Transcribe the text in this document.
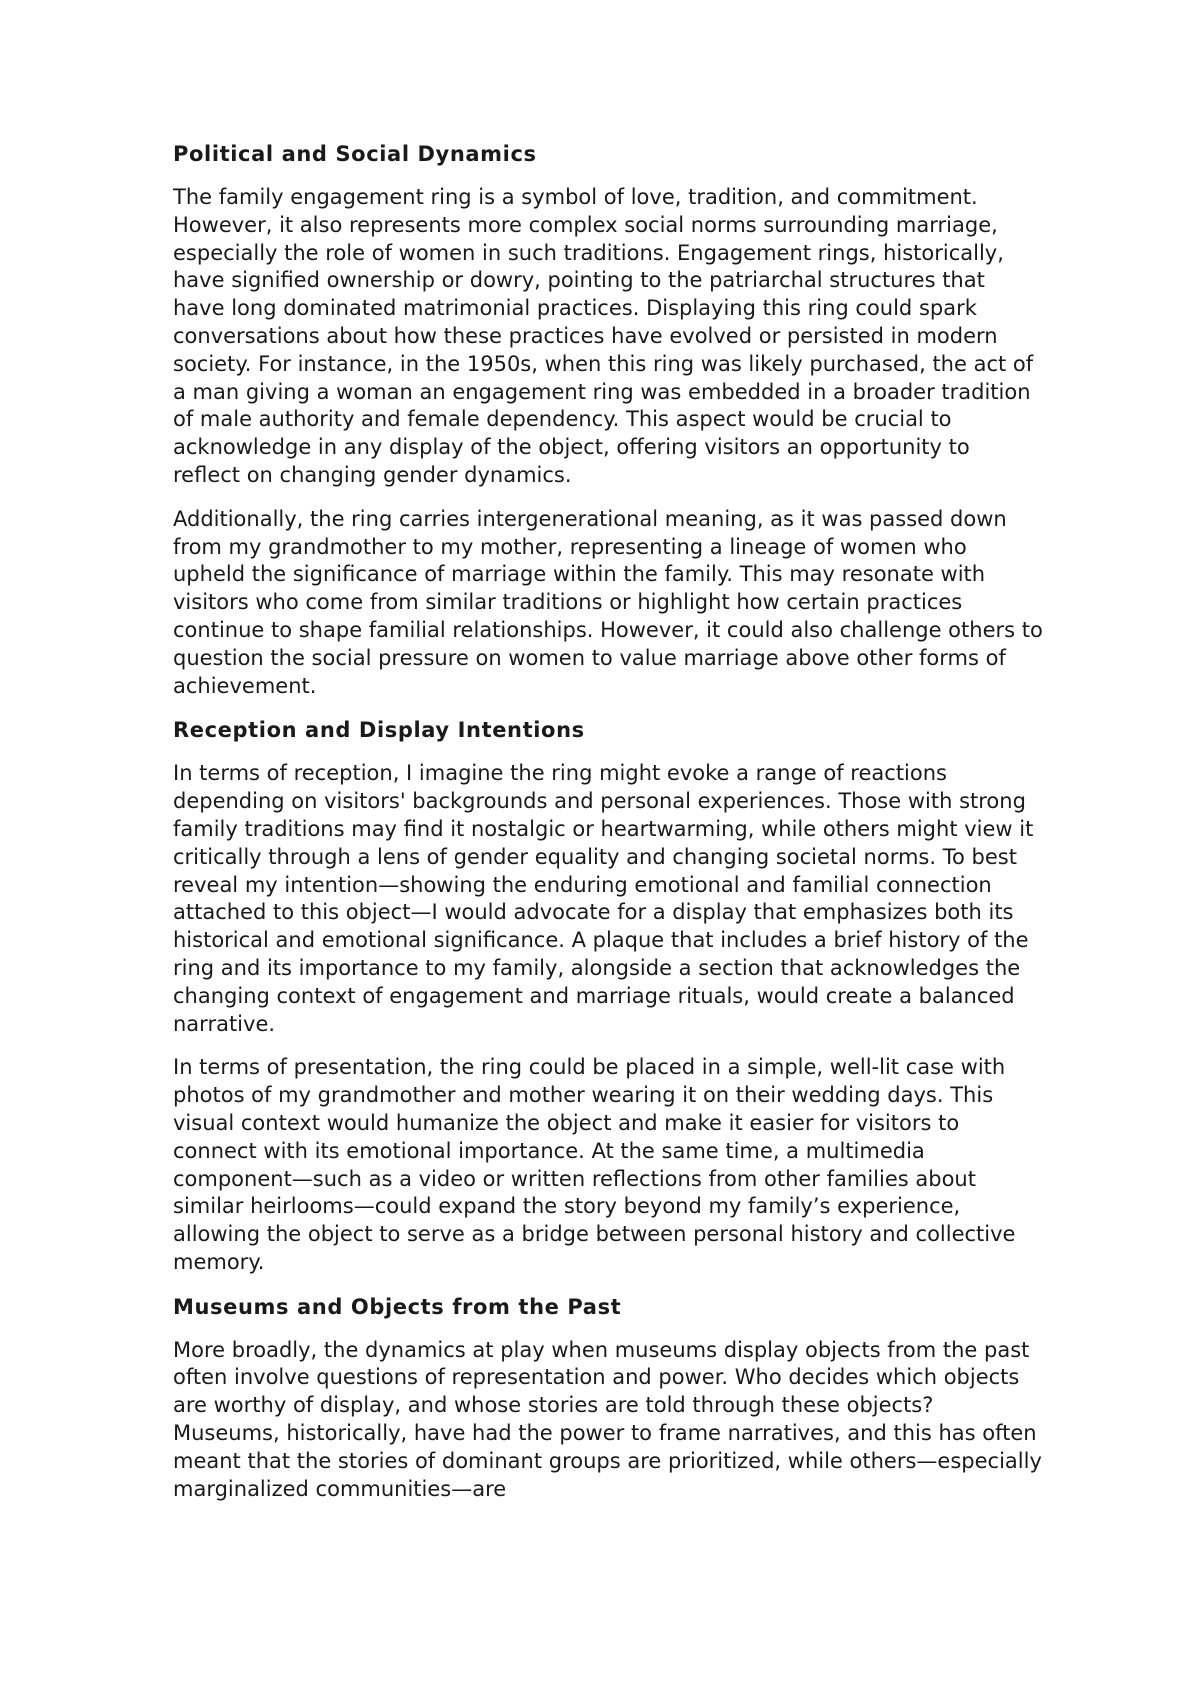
Political and Social Dynamics

The family engagement ring is a symbol of love, tradition, and commitment. However, it also represents more complex social norms surrounding marriage, especially the role of women in such traditions. Engagement rings, historically, have signified ownership or dowry, pointing to the patriarchal structures that have long dominated matrimonial practices. Displaying this ring could spark conversations about how these practices have evolved or persisted in modern society. For instance, in the 1950s, when this ring was likely purchased, the act of a man giving a woman an engagement ring was embedded in a broader tradition of male authority and female dependency. This aspect would be crucial to acknowledge in any display of the object, offering visitors an opportunity to reflect on changing gender dynamics.

Additionally, the ring carries intergenerational meaning, as it was passed down from my grandmother to my mother, representing a lineage of women who upheld the significance of marriage within the family. This may resonate with visitors who come from similar traditions or highlight how certain practices continue to shape familial relationships. However, it could also challenge others to question the social pressure on women to value marriage above other forms of achievement.

Reception and Display Intentions

In terms of reception, I imagine the ring might evoke a range of reactions depending on visitors' backgrounds and personal experiences. Those with strong family traditions may find it nostalgic or heartwarming, while others might view it critically through a lens of gender equality and changing societal norms. To best reveal my intention—showing the enduring emotional and familial connection attached to this object—I would advocate for a display that emphasizes both its historical and emotional significance. A plaque that includes a brief history of the ring and its importance to my family, alongside a section that acknowledges the changing context of engagement and marriage rituals, would create a balanced narrative.

In terms of presentation, the ring could be placed in a simple, well-lit case with photos of my grandmother and mother wearing it on their wedding days. This visual context would humanize the object and make it easier for visitors to connect with its emotional importance. At the same time, a multimedia component—such as a video or written reflections from other families about similar heirlooms—could expand the story beyond my family’s experience, allowing the object to serve as a bridge between personal history and collective memory.

Museums and Objects from the Past

More broadly, the dynamics at play when museums display objects from the past often involve questions of representation and power. Who decides which objects are worthy of display, and whose stories are told through these objects? Museums, historically, have had the power to frame narratives, and this has often meant that the stories of dominant groups are prioritized, while others—especially marginalized communities—are
